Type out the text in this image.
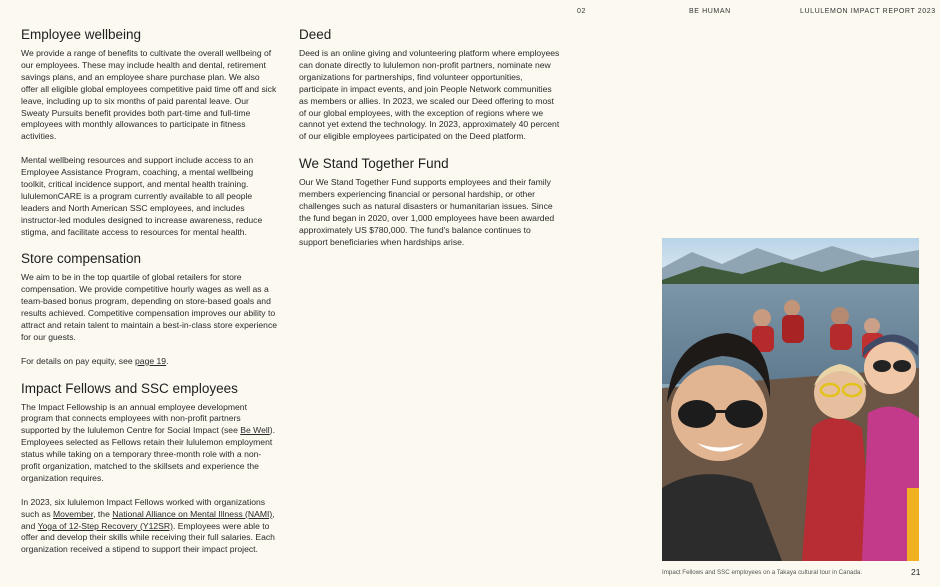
02	BE HUMAN	LULULEMON IMPACT REPORT 2023
Employee wellbeing

We provide a range of benefits to cultivate the overall wellbeing of our employees. These may include health and dental, retirement savings plans, and an employee share purchase plan. We also offer all eligible global employees competitive paid time off and sick leave, including up to six months of paid parental leave. Our Sweaty Pursuits benefit provides both part-time and full-time employees with monthly allowances to participate in fitness activities.

Mental wellbeing resources and support include access to an Employee Assistance Program, coaching, a mental wellbeing toolkit, critical incidence support, and mental health training. lululemonCARE is a program currently available to all people leaders and North American SSC employees, and includes instructor-led modules designed to increase awareness, reduce stigma, and facilitate access to resources for mental health.

Store compensation

We aim to be in the top quartile of global retailers for store compensation. We provide competitive hourly wages as well as a team-based bonus program, depending on store-based goals and results achieved. Competitive compensation improves our ability to attract and retain talent to maintain a best-in-class store experience for our guests.

For details on pay equity, see page 19.

Impact Fellows and SSC employees

The Impact Fellowship is an annual employee development program that connects employees with non-profit partners supported by the lululemon Centre for Social Impact (see Be Well). Employees selected as Fellows retain their lululemon employment status while taking on a temporary three-month role with a non-profit organization, matched to the skillsets and experience the organization requires.

In 2023, six lululemon Impact Fellows worked with organizations such as Movember, the National Alliance on Mental Illness (NAMI), and Yoga of 12-Step Recovery (Y12SR). Employees were able to offer and develop their skills while receiving their full salaries. Each organization received a stipend to support their impact project.

Deed

Deed is an online giving and volunteering platform where employees can donate directly to lululemon non-profit partners, nominate new organizations for partnerships, find volunteer opportunities, participate in impact events, and join People Network communities as members or allies. In 2023, we scaled our Deed offering to most of our global employees, with the exception of regions where we cannot yet extend the technology. In 2023, approximately 40 percent of our eligible employees participated on the Deed platform.

We Stand Together Fund

Our We Stand Together Fund supports employees and their family members experiencing financial or personal hardship, or other challenges such as natural disasters or humanitarian issues. Since the fund began in 2020, over 1,000 employees have been awarded approximately US $780,000. The fund's balance continues to support beneficiaries when hardships arise.

Impact Fellows and SSC employees on a Takaya cultural tour in Canada.	21
